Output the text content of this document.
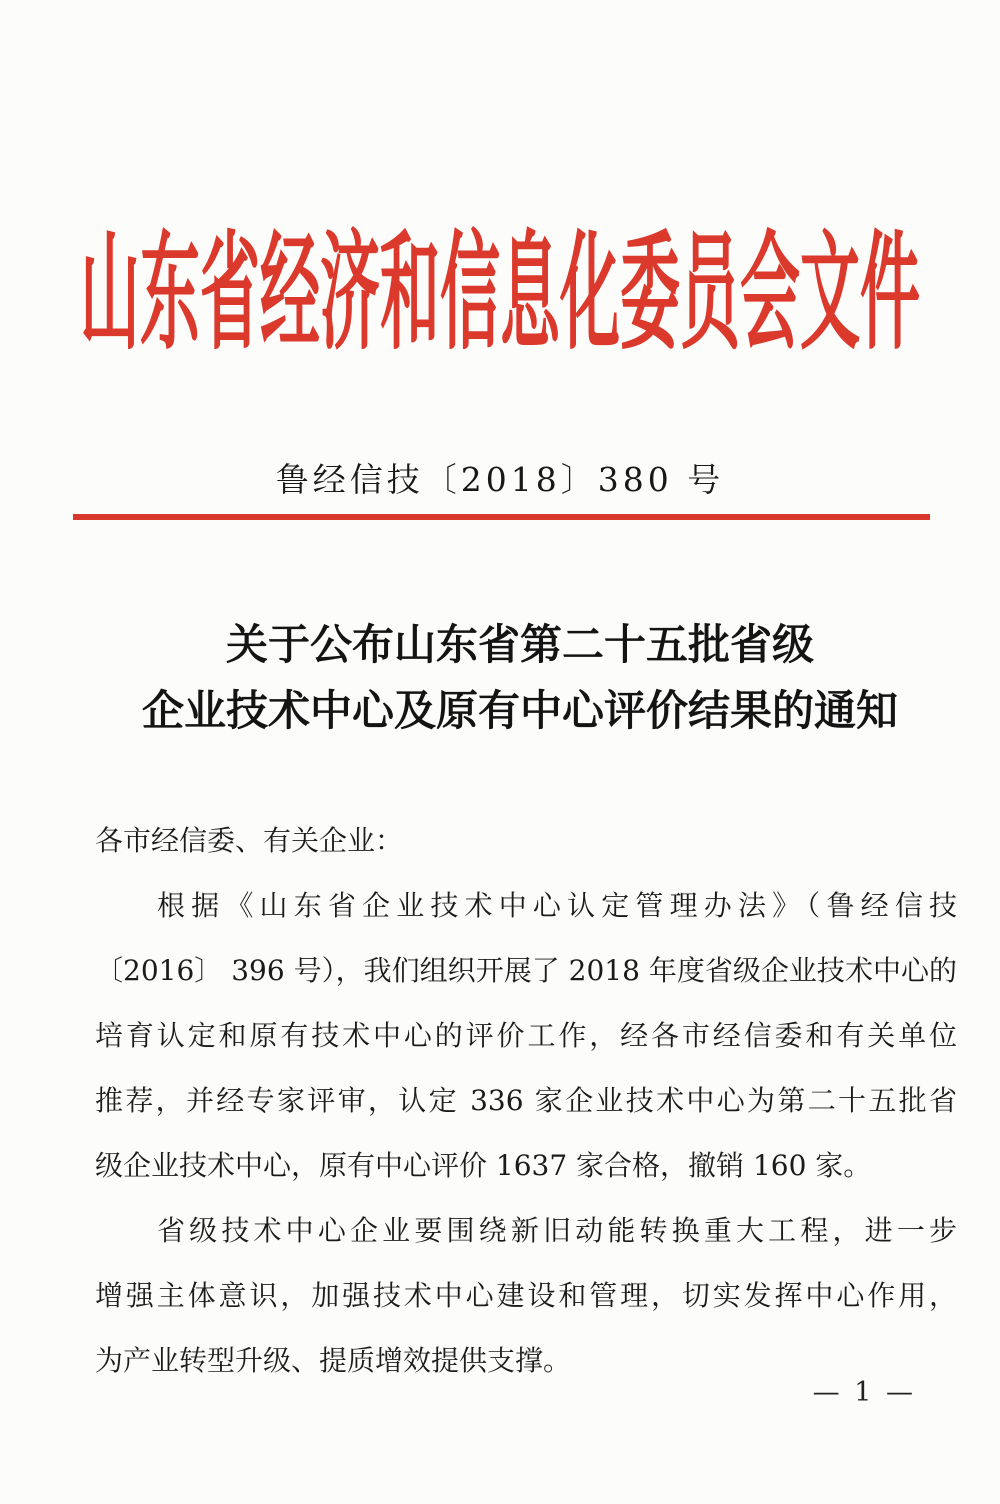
山东省经济和信息化委员会文件
鲁经信技〔2018〕380 号
关于公布山东省第二十五批省级
企业技术中心及原有中心评价结果的通知
各市经信委、有关企业：
根据《山东省企业技术中心认定管理办法》（鲁经信技
〔2016〕 396 号），我们组织开展了 2018 年度省级企业技术中心的
培育认定和原有技术中心的评价工作，经各市经信委和有关单位
推荐，并经专家评审，认定 336 家企业技术中心为第二十五批省
级企业技术中心，原有中心评价 1637 家合格，撤销 160 家。
省级技术中心企业要围绕新旧动能转换重大工程，进一步
增强主体意识，加强技术中心建设和管理，切实发挥中心作用，
为产业转型升级、提质增效提供支撑。
— 1 —
